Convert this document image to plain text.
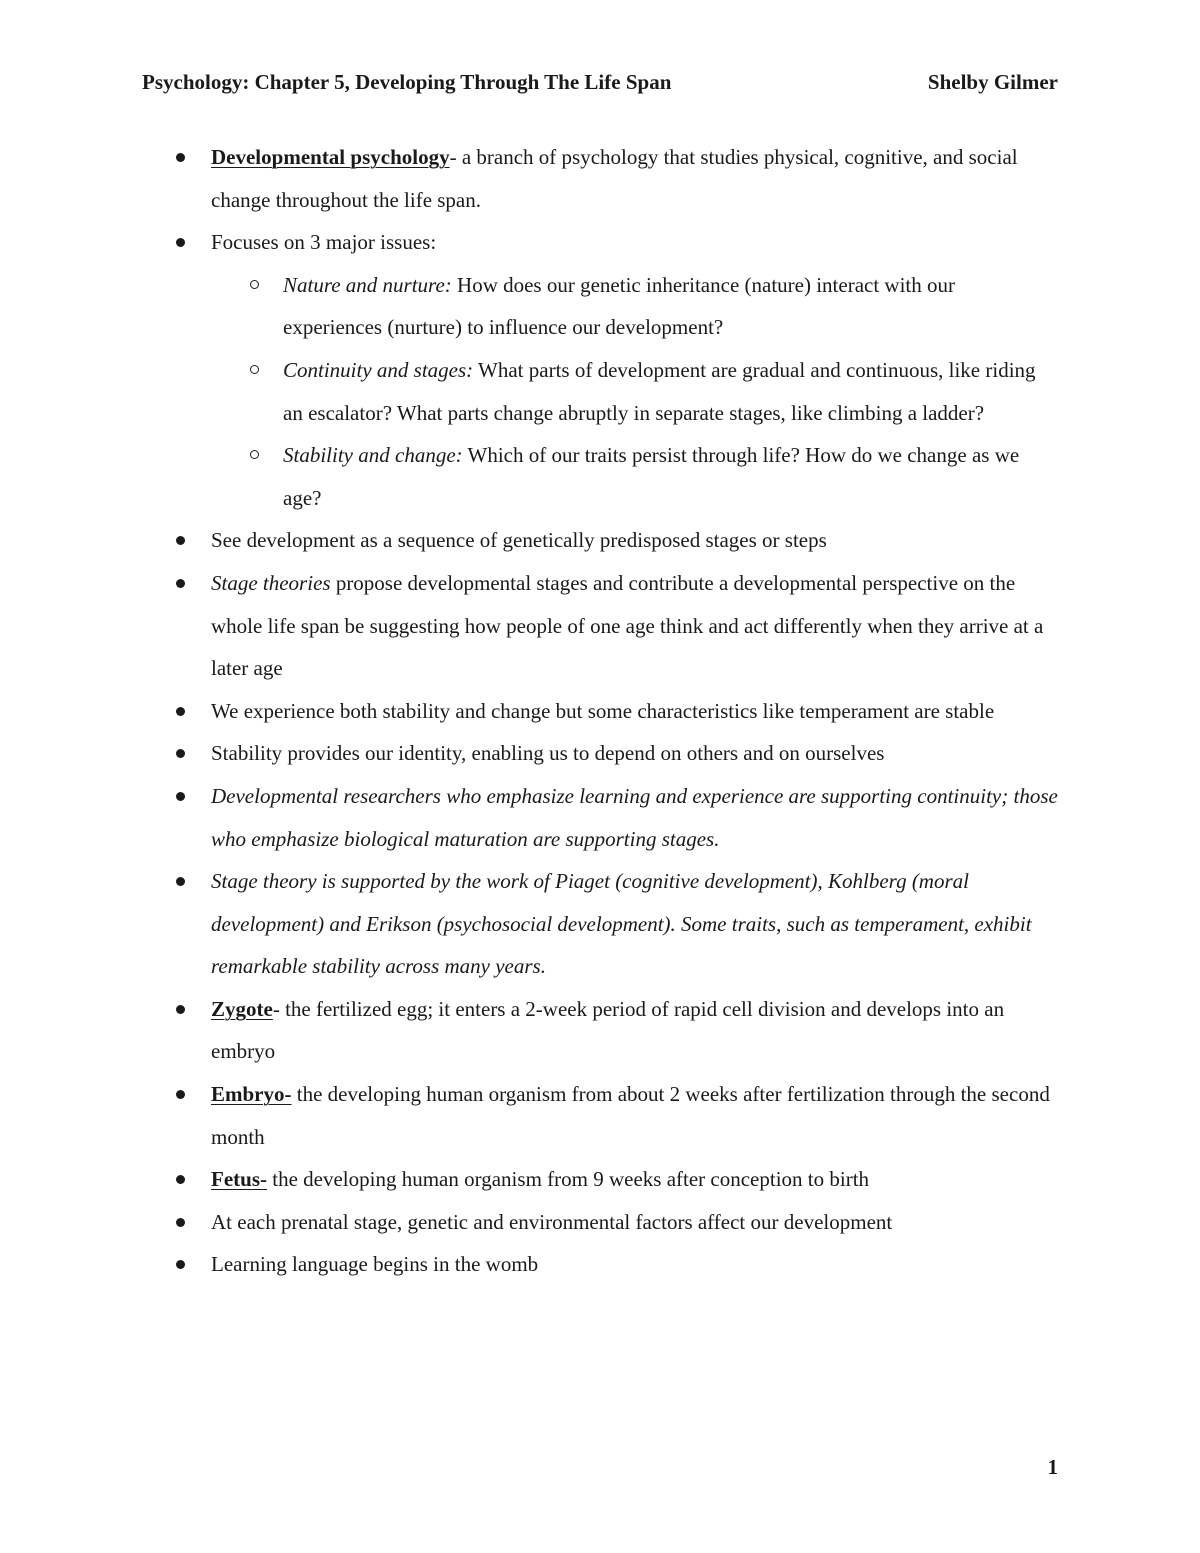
Psychology: Chapter 5, Developing Through The Life Span	Shelby Gilmer
Developmental psychology- a branch of psychology that studies physical, cognitive, and social change throughout the life span.
Focuses on 3 major issues:
Nature and nurture: How does our genetic inheritance (nature) interact with our experiences (nurture) to influence our development?
Continuity and stages: What parts of development are gradual and continuous, like riding an escalator? What parts change abruptly in separate stages, like climbing a ladder?
Stability and change: Which of our traits persist through life? How do we change as we age?
See development as a sequence of genetically predisposed stages or steps
Stage theories propose developmental stages and contribute a developmental perspective on the whole life span be suggesting how people of one age think and act differently when they arrive at a later age
We experience both stability and change but some characteristics like temperament are stable
Stability provides our identity, enabling us to depend on others and on ourselves
Developmental researchers who emphasize learning and experience are supporting continuity; those who emphasize biological maturation are supporting stages.
Stage theory is supported by the work of Piaget (cognitive development), Kohlberg (moral development) and Erikson (psychosocial development). Some traits, such as temperament, exhibit remarkable stability across many years.
Zygote- the fertilized egg; it enters a 2-week period of rapid cell division and develops into an embryo
Embryo- the developing human organism from about 2 weeks after fertilization through the second month
Fetus- the developing human organism from 9 weeks after conception to birth
At each prenatal stage, genetic and environmental factors affect our development
Learning language begins in the womb
1
